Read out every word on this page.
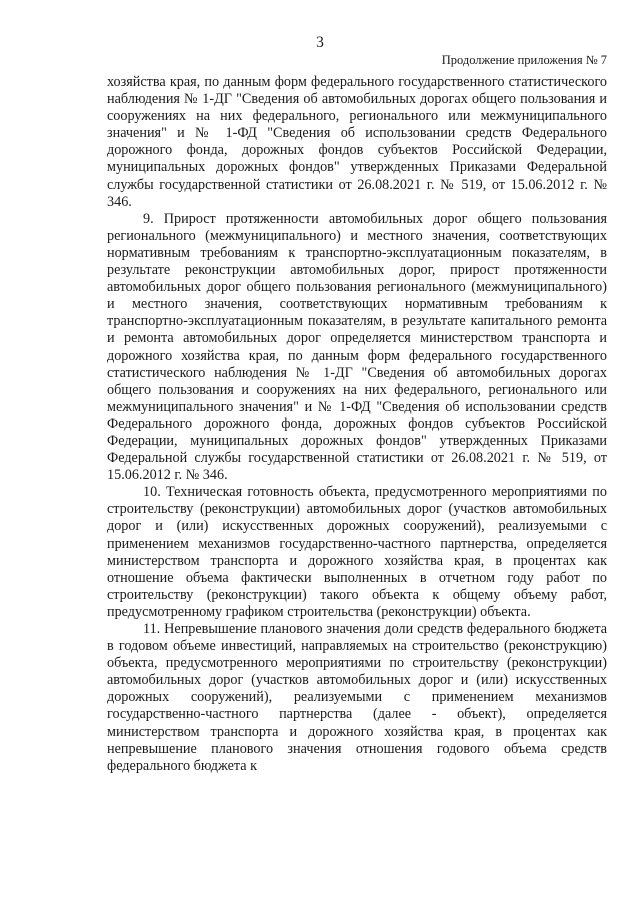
3
Продолжение приложения № 7

хозяйства края, по данным форм федерального государственного статистического наблюдения № 1-ДГ "Сведения об автомобильных дорогах общего пользования и сооружениях на них федерального, регионального или межмуниципального значения" и № 1-ФД "Сведения об использовании средств Федерального дорожного фонда, дорожных фондов субъектов Российской Федерации, муниципальных дорожных фондов" утвержденных Приказами Федеральной службы государственной статистики от 26.08.2021 г. № 519, от 15.06.2012 г. № 346.

9. Прирост протяженности автомобильных дорог общего пользования регионального (межмуниципального) и местного значения, соответствующих нормативным требованиям к транспортно-эксплуатационным показателям, в результате реконструкции автомобильных дорог, прирост протяженности автомобильных дорог общего пользования регионального (межмуниципального) и местного значения, соответствующих нормативным требованиям к транспортно-эксплуатационным показателям, в результате капитального ремонта и ремонта автомобильных дорог определяется министерством транспорта и дорожного хозяйства края, по данным форм федерального государственного статистического наблюдения № 1-ДГ "Сведения об автомобильных дорогах общего пользования и сооружениях на них федерального, регионального или межмуниципального значения" и № 1-ФД "Сведения об использовании средств Федерального дорожного фонда, дорожных фондов субъектов Российской Федерации, муниципальных дорожных фондов" утвержденных Приказами Федеральной службы государственной статистики от 26.08.2021 г. № 519, от 15.06.2012 г. № 346.

10. Техническая готовность объекта, предусмотренного мероприятиями по строительству (реконструкции) автомобильных дорог (участков автомобильных дорог и (или) искусственных дорожных сооружений), реализуемыми с применением механизмов государственно-частного партнерства, определяется министерством транспорта и дорожного хозяйства края, в процентах как отношение объема фактически выполненных в отчетном году работ по строительству (реконструкции) такого объекта к общему объему работ, предусмотренному графиком строительства (реконструкции) объекта.

11. Непревышение планового значения доли средств федерального бюджета в годовом объеме инвестиций, направляемых на строительство (реконструкцию) объекта, предусмотренного мероприятиями по строительству (реконструкции) автомобильных дорог (участков автомобильных дорог и (или) искусственных дорожных сооружений), реализуемыми с применением механизмов государственно-частного партнерства (далее - объект), определяется министерством транспорта и дорожного хозяйства края, в процентах как непревышение планового значения отношения годового объема средств федерального бюджета к
